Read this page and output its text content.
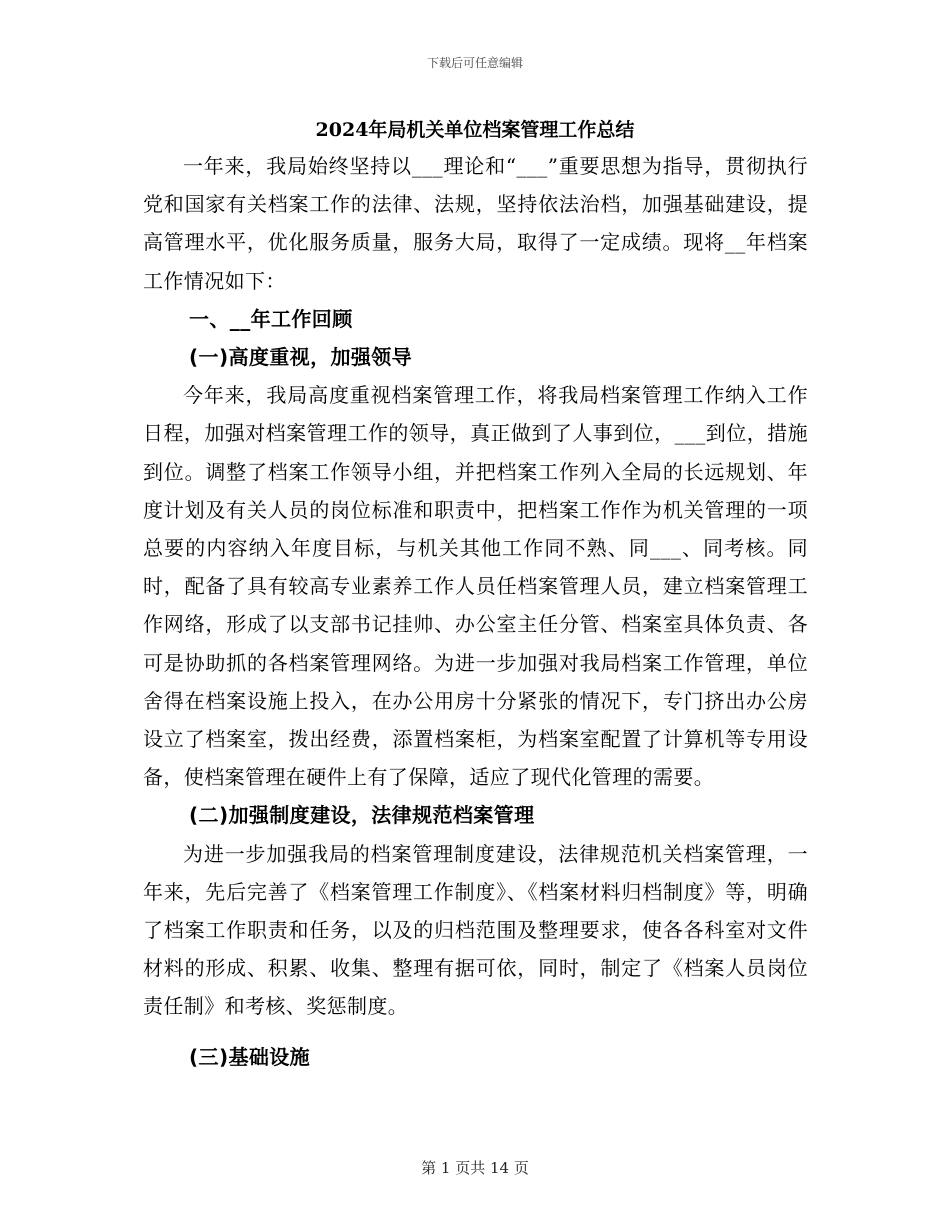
下载后可任意编辑
2024年局机关单位档案管理工作总结

一年来，我局始终坚持以___理论和“___”重要思想为指导，贯彻执行党和国家有关档案工作的法律、法规，坚持依法治档，加强基础建设，提高管理水平，优化服务质量，服务大局，取得了一定成绩。现将__年档案工作情况如下：

一、__年工作回顾
(一)高度重视，加强领导

今年来，我局高度重视档案管理工作，将我局档案管理工作纳入工作日程，加强对档案管理工作的领导，真正做到了人事到位，___到位，措施到位。调整了档案工作领导小组，并把档案工作列入全局的长远规划、年度计划及有关人员的岗位标准和职责中，把档案工作作为机关管理的一项总要的内容纳入年度目标，与机关其他工作同不熟、同___、同考核。同时，配备了具有较高专业素养工作人员任档案管理人员，建立档案管理工作网络，形成了以支部书记挂帅、办公室主任分管、档案室具体负责、各可是协助抓的各档案管理网络。为进一步加强对我局档案工作管理，单位舍得在档案设施上投入，在办公用房十分紧张的情况下，专门挤出办公房设立了档案室，拨出经费，添置档案柜，为档案室配置了计算机等专用设备，使档案管理在硬件上有了保障，适应了现代化管理的需要。

(二)加强制度建设，法律规范档案管理

为进一步加强我局的档案管理制度建设，法律规范机关档案管理，一年来，先后完善了《档案管理工作制度》、《档案材料归档制度》等，明确了档案工作职责和任务，以及的归档范围及整理要求，使各各科室对文件材料的形成、积累、收集、整理有据可依，同时，制定了《档案人员岗位责任制》和考核、奖惩制度。

(三)基础设施
第 1 页共 14 页
